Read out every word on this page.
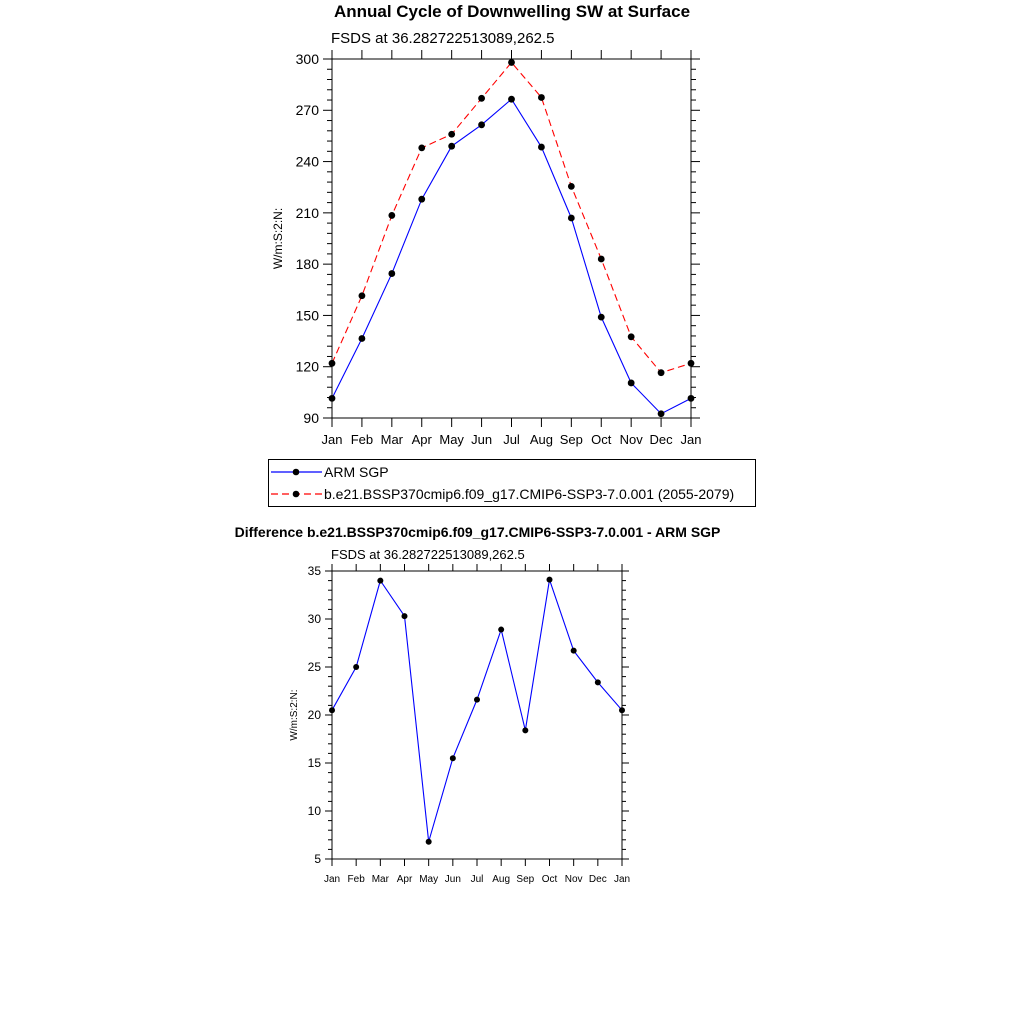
Annual Cycle of Downwelling SW at Surface
FSDS at 36.282722513089,262.5
90
120
150
180
210
240
270
300
Jan Feb Mar Apr May Jun Jul Aug Sep Oct Nov Dec Jan
W/m:S:2:N:
ARM SGP
b.e21.BSSP370cmip6.f09_g17.CMIP6-SSP3-7.0.001 (2055-2079)
Difference b.e21.BSSP370cmip6.f09_g17.CMIP6-SSP3-7.0.001 - ARM SGP
FSDS at 36.282722513089,262.5
5
10
15
20
25
30
35
Jan Feb Mar Apr May Jun Jul Aug Sep Oct Nov Dec Jan
W/m:S:2:N:
